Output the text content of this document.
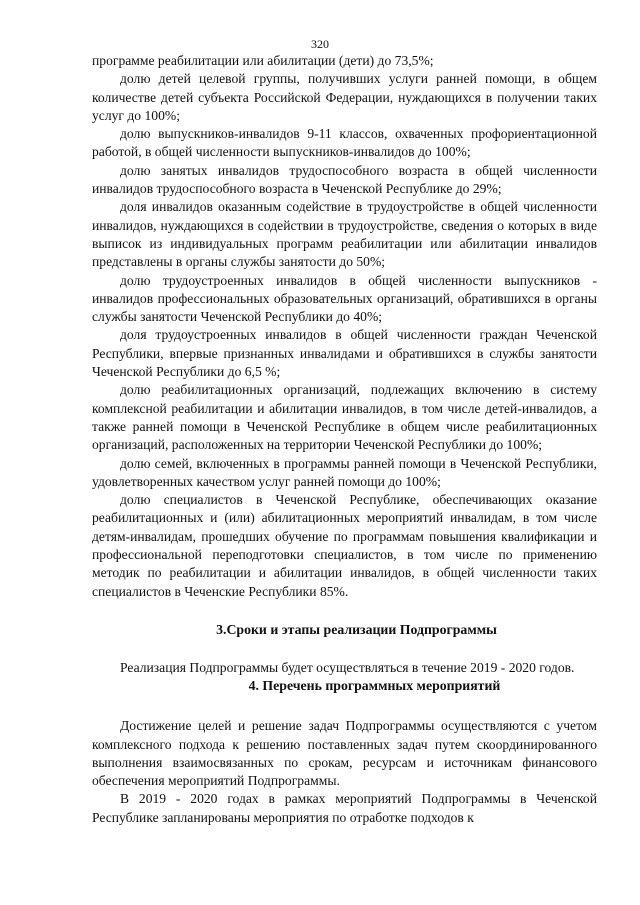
320

программе реабилитации или абилитации (дети) до 73,5%;

долю детей целевой группы, получивших услуги ранней помощи, в общем количестве детей субъекта Российской Федерации, нуждающихся в получении таких услуг до 100%;

долю выпускников-инвалидов 9-11 классов, охваченных профориентационной работой, в общей численности выпускников-инвалидов до 100%;

долю занятых инвалидов трудоспособного возраста в общей численности инвалидов трудоспособного возраста в Чеченской Республике до 29%;

доля инвалидов оказанным содействие в трудоустройстве в общей численности инвалидов, нуждающихся в содействии в трудоустройстве, сведения о которых в виде выписок из индивидуальных программ реабилитации или абилитации инвалидов представлены в органы службы занятости до 50%;

долю трудоустроенных инвалидов в общей численности выпускников - инвалидов профессиональных образовательных организаций, обратившихся в органы службы занятости Чеченской Республики до 40%;

доля трудоустроенных инвалидов в общей численности граждан Чеченской Республики, впервые признанных инвалидами и обратившихся в службы занятости Чеченской Республики до 6,5 %;

долю реабилитационных организаций, подлежащих включению в систему комплексной реабилитации и абилитации инвалидов, в том числе детей-инвалидов, а также ранней помощи в Чеченской Республике в общем числе реабилитационных организаций, расположенных на территории Чеченской Республики до 100%;

долю семей, включенных в программы ранней помощи в Чеченской Республики, удовлетворенных качеством услуг ранней помощи до 100%;

долю специалистов в Чеченской Республике, обеспечивающих оказание реабилитационных и (или) абилитационных мероприятий инвалидам, в том числе детям-инвалидам, прошедших обучение по программам повышения квалификации и профессиональной переподготовки специалистов, в том числе по применению методик по реабилитации и абилитации инвалидов, в общей численности таких специалистов в Чеченские Республики 85%.

3.Сроки и этапы реализации Подпрограммы

Реализация Подпрограммы будет осуществляться в течение 2019 - 2020 годов.

4. Перечень программных мероприятий

Достижение целей и решение задач Подпрограммы осуществляются с учетом комплексного подхода к решению поставленных задач путем скоординированного выполнения взаимосвязанных по срокам, ресурсам и источникам финансового обеспечения мероприятий Подпрограммы.

В 2019 - 2020 годах в рамках мероприятий Подпрограммы в Чеченской Республике запланированы мероприятия по отработке подходов к
